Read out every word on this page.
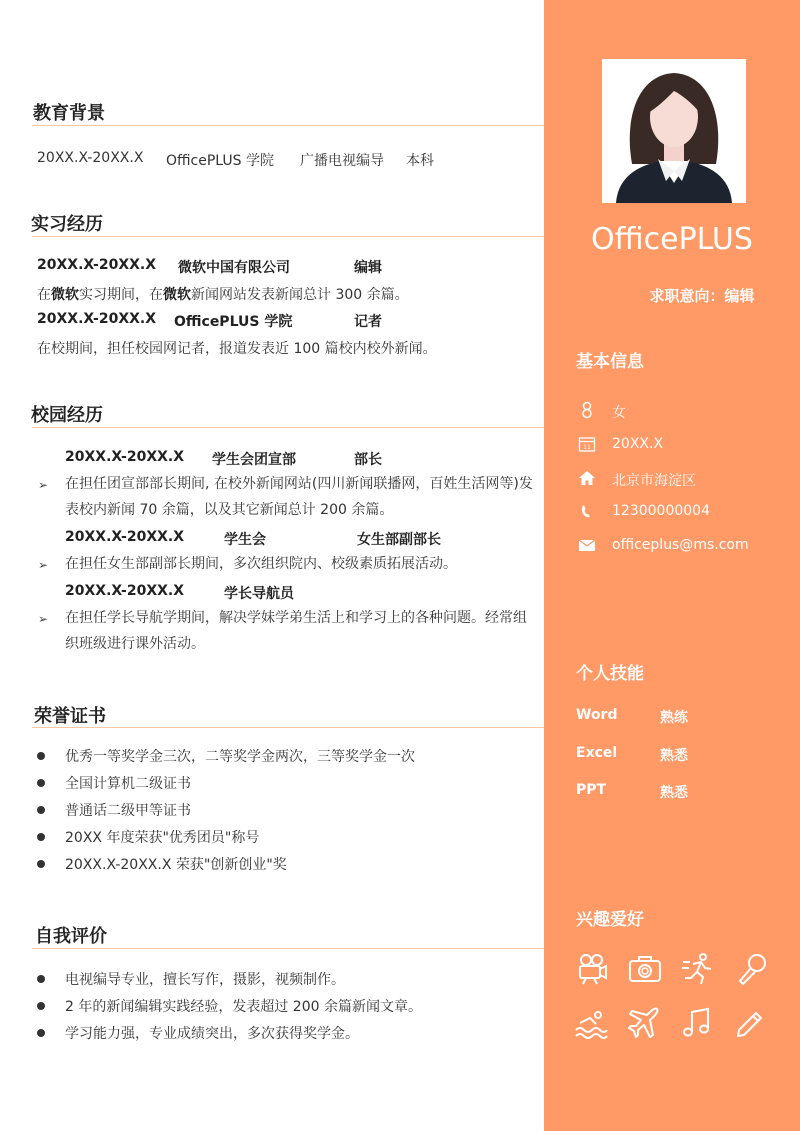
教育背景
20XX.X-20XX.X OfficePLUS 学院 广播电视编导 本科
实习经历
20XX.X-20XX.X 微软中国有限公司	编辑
在微软实习期间，在微软新闻网站发表新闻总计 300 余篇。
20XX.X-20XX.X OfficePLUS 学院	记者
在校期间，担任校园网记者，报道发表近 100 篇校内校外新闻。
校园经历
20XX.X-20XX.X 学生会团宣部	部长
➢ 在担任团宣部部长期间, 在校外新闻网站(四川新闻联播网，百姓生活网等)发表校内新闻 70 余篇，以及其它新闻总计 200 余篇。
20XX.X-20XX.X	学生会	女生部副部长
➢ 在担任女生部副部长期间，多次组织院内、校级素质拓展活动。
20XX.X-20XX.X	学长导航员
➢ 在担任学长导航学期间，解决学妹学弟生活上和学习上的各种问题。经常组织班级进行课外活动。
荣誉证书
优秀一等奖学金三次，二等奖学金两次，三等奖学金一次
全国计算机二级证书
普通话二级甲等证书
20XX 年度荣获"优秀团员"称号
20XX.X-20XX.X 荣获"创新创业"奖
自我评价
电视编导专业，擅长写作，摄影，视频制作。
2 年的新闻编辑实践经验，发表超过 200 余篇新闻文章。
学习能力强，专业成绩突出，多次获得奖学金。
OfficePLUS
求职意向：编辑
基本信息
女
11 20XX.X
北京市海淀区
12300000004
officeplus@ms.com
个人技能
Word	熟练
Excel	熟悉
PPT	熟悉
兴趣爱好
